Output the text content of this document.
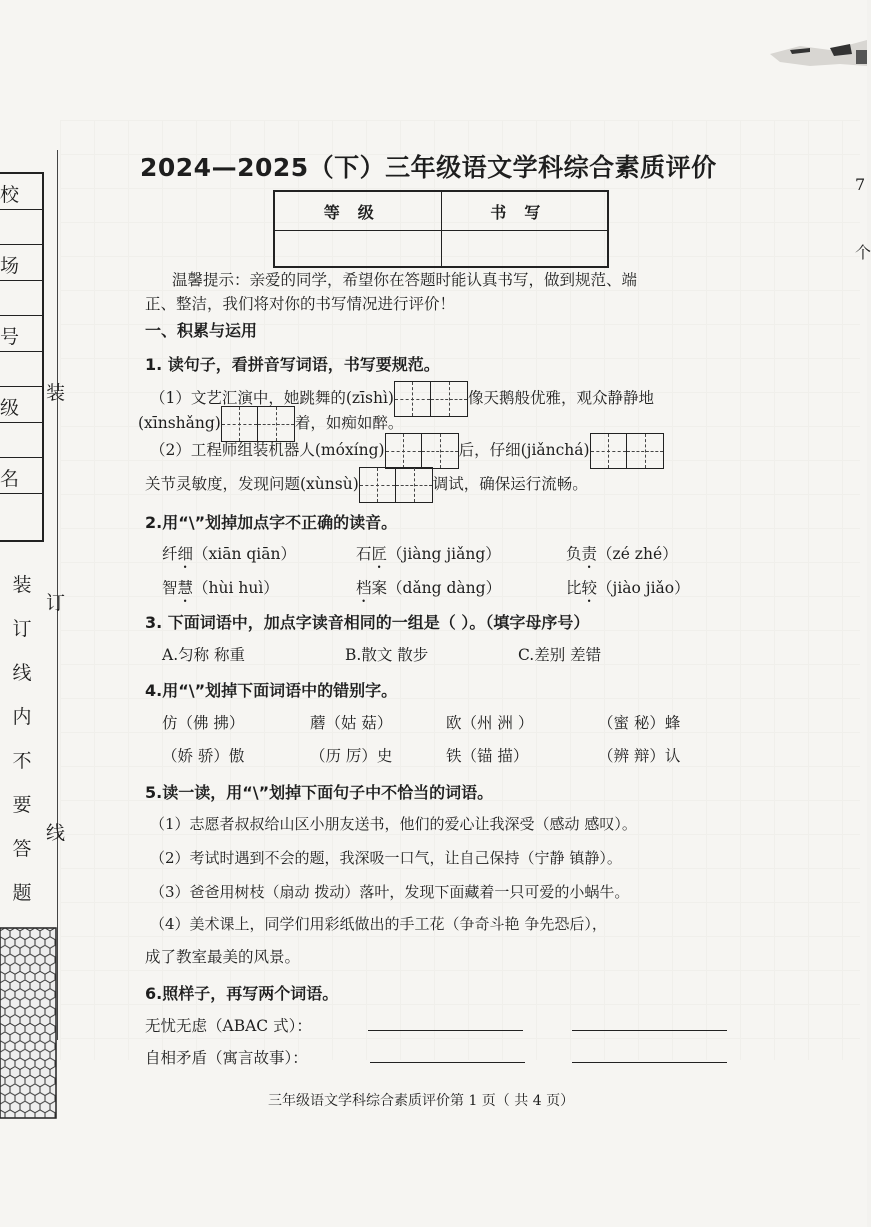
7
个
校
场
号
级
名
装
订
线
装
订
线
内
不
要
答
题
2024—2025（下）三年级语文学科综合素质评价
等级	书写

温馨提示：亲爱的同学，希望你在答题时能认真书写，做到规范、端
正、整洁，我们将对你的书写情况进行评价！
一、积累与运用
1. 读句子，看拼音写词语，书写要规范。
（1）文艺汇演中，她跳舞的(zīshì)	像天鹅般优雅，观众静静地
(xīnshǎng)	着，如痴如醉。
（2）工程师组装机器人(móxíng)	后，仔细(jiǎnchá)
关节灵敏度，发现问题(xùnsù)	调试，确保运行流畅。
2.用“\”划掉加点字不正确的读音。
纤细（xiān qiān）	石匠（jiàng jiǎng）	负责（zé zhé）
智慧（hùi huì）	档案（dǎng dàng）	比较（jiào jiǎo）
3. 下面词语中，加点字读音相同的一组是（ ）。（填字母序号）
A.匀称 称重	B.散文 散步	C.差别 差错
4.用“\”划掉下面词语中的错别字。
仿（佛 拂）	蘑（姑 菇）	欧（州 洲 ）	（蜜 秘）蜂
（娇 骄）傲	（历 厉）史	铁（锚 描）	（辨 辩）认
5.读一读，用“\”划掉下面句子中不恰当的词语。
（1）志愿者叔叔给山区小朋友送书，他们的爱心让我深受（感动 感叹）。
（2）考试时遇到不会的题，我深吸一口气，让自己保持（宁静 镇静）。
（3）爸爸用树枝（扇动 拨动）落叶，发现下面藏着一只可爱的小蜗牛。
（4）美术课上，同学们用彩纸做出的手工花（争奇斗艳 争先恐后），
成了教室最美的风景。
6.照样子，再写两个词语。
无忧无虑（ABAC 式）：
自相矛盾（寓言故事）：
三年级语文学科综合素质评价第 1 页（ 共 4 页）
